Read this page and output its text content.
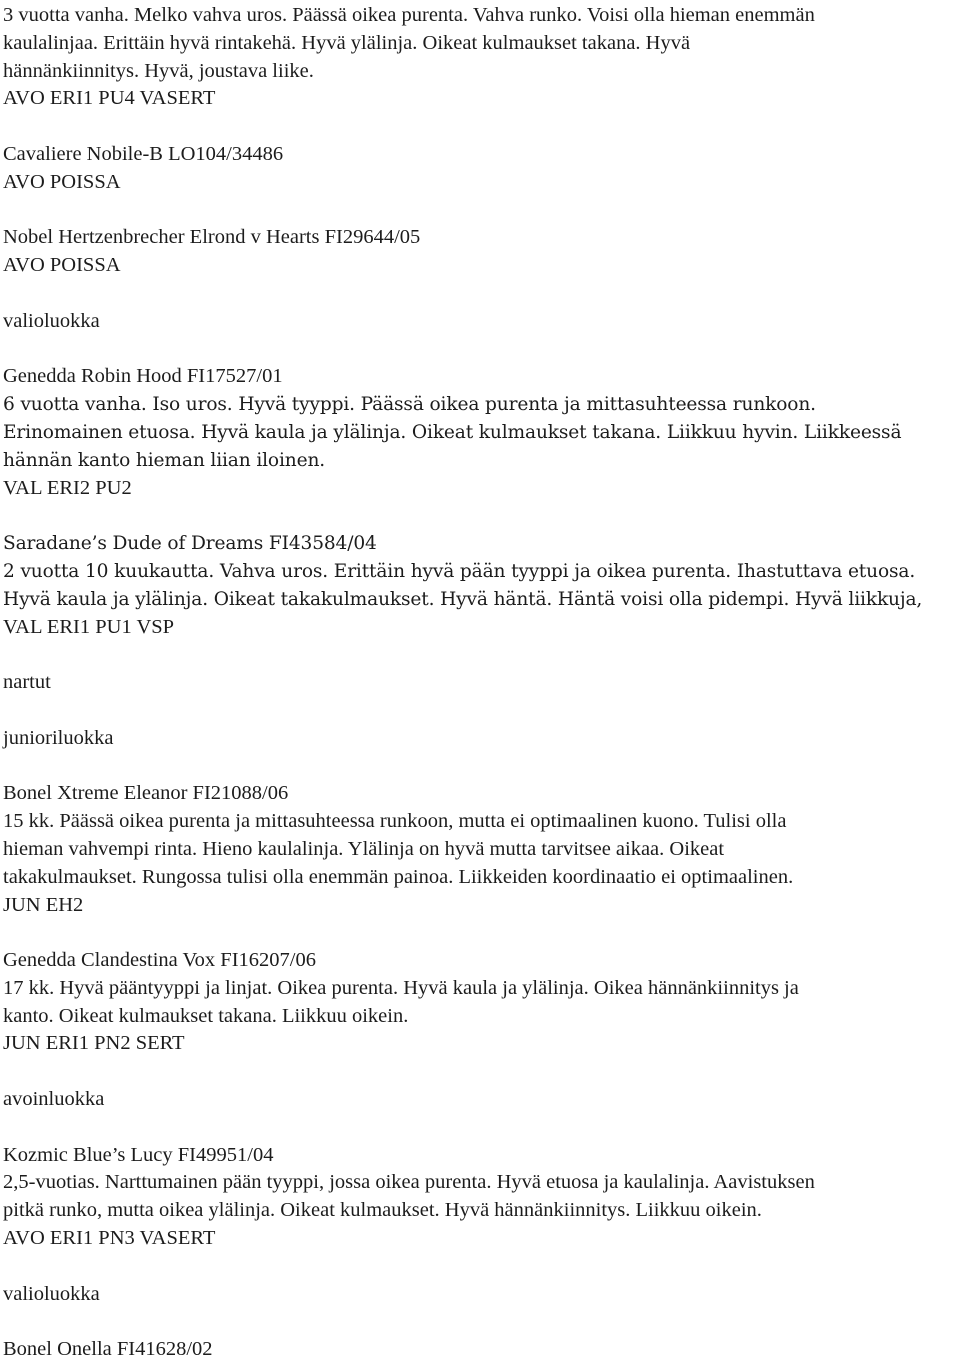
3 vuotta vanha. Melko vahva uros. Päässä oikea purenta. Vahva runko. Voisi olla hieman enemmän
kaulalinjaa. Erittäin hyvä rintakehä. Hyvä ylälinja. Oikeat kulmaukset takana. Hyvä
hännänkiinnitys. Hyvä, joustava liike.
AVO ERI1 PU4 VASERT
Cavaliere Nobile-B LO104/34486
AVO POISSA
Nobel Hertzenbrecher Elrond v Hearts FI29644/05
AVO POISSA
valioluokka
Genedda Robin Hood FI17527/01
6 vuotta vanha. Iso uros. Hyvä tyyppi. Päässä oikea purenta ja mittasuhteessa runkoon.
Erinomainen etuosa. Hyvä kaula ja ylälinja. Oikeat kulmaukset takana. Liikkuu hyvin. Liikkeessä
hännän kanto hieman liian iloinen.
VAL ERI2 PU2
Saradane’s Dude of Dreams FI43584/04
2 vuotta 10 kuukautta. Vahva uros. Erittäin hyvä pään tyyppi ja oikea purenta. Ihastuttava etuosa.
Hyvä kaula ja ylälinja. Oikeat takakulmaukset. Hyvä häntä. Häntä voisi olla pidempi. Hyvä liikkuja,
VAL ERI1 PU1 VSP
nartut
junioriluokka
Bonel Xtreme Eleanor FI21088/06
15 kk. Päässä oikea purenta ja mittasuhteessa runkoon, mutta ei optimaalinen kuono. Tulisi olla
hieman vahvempi rinta. Hieno kaulalinja. Ylälinja on hyvä mutta tarvitsee aikaa. Oikeat
takakulmaukset. Rungossa tulisi olla enemmän painoa. Liikkeiden koordinaatio ei optimaalinen.
JUN EH2
Genedda Clandestina Vox FI16207/06
17 kk. Hyvä pääntyyppi ja linjat. Oikea purenta. Hyvä kaula ja ylälinja. Oikea hännänkiinnitys ja
kanto. Oikeat kulmaukset takana. Liikkuu oikein.
JUN ERI1 PN2 SERT
avoinluokka
Kozmic Blue’s Lucy FI49951/04
2,5-vuotias. Narttumainen pään tyyppi, jossa oikea purenta. Hyvä etuosa ja kaulalinja. Aavistuksen
pitkä runko, mutta oikea ylälinja. Oikeat kulmaukset. Hyvä hännänkiinnitys. Liikkuu oikein.
AVO ERI1 PN3 VASERT
valioluokka
Bonel Onella FI41628/02
